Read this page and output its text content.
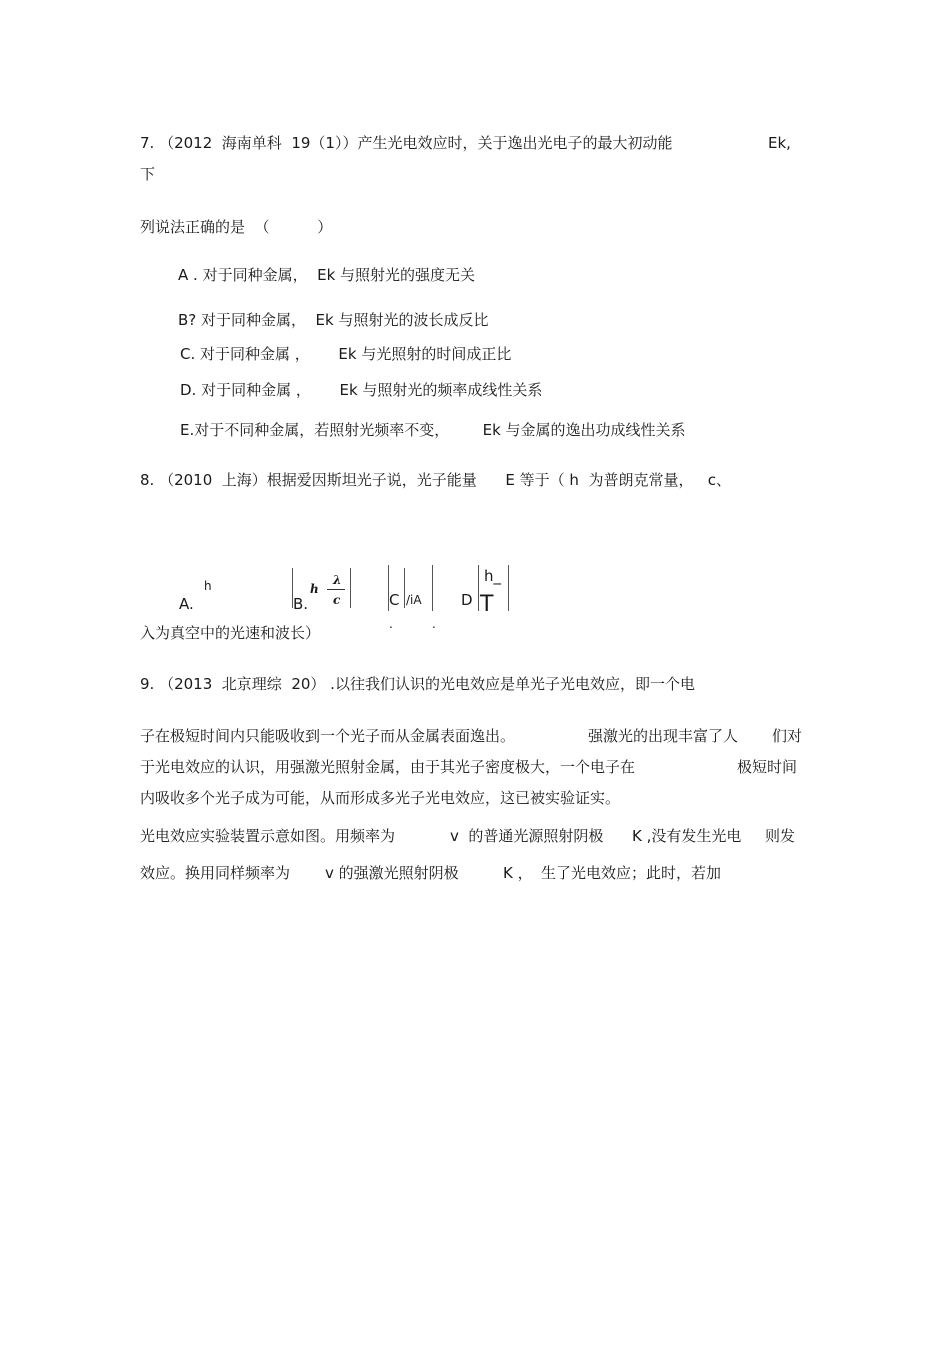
7. （2012  海南单科  19（1））产生光电效应时，关于逸出光电子的最大初动能	Ek,
下
列说法正确的是  （          ）
A . 对于同种金属，  Ek 与照射光的强度无关
B? 对于同种金属，  Ek 与照射光的波长成反比
C. 对于同种金属 ，      Ek 与光照射的时间成正比
D. 对于同种金属 ，      Ek 与照射光的频率成线性关系
E.对于不同种金属，若照射光频率不变，       Ek 与金属的逸出功成线性关系
8. （2010  上海）根据爱因斯坦光子说，光子能量      E 等于（ h  为普朗克常量，   c、
h
A.	B.
h
λ
c	C /iA
.	.
D
h_
T
入为真空中的光速和波长）
9. （2013  北京理综  20） .以往我们认识的光电效应是单光子光电效应，即一个电
子在极短时间内只能吸收到一个光子而从金属表面逸出。	强激光的出现丰富了人 们对
于光电效应的认识，用强激光照射金属，由于其光子密度极大，一个电子在	极短时间
内吸收多个光子成为可能，从而形成多光子光电效应，这已被实验证实。
光电效应实验装置示意如图。用频率为	v  的普通光源照射阴极 K ,没有发生光电 则发
效应。换用同样频率为 v 的强激光照射阴极	K ， 生了光电效应；此时，若加
